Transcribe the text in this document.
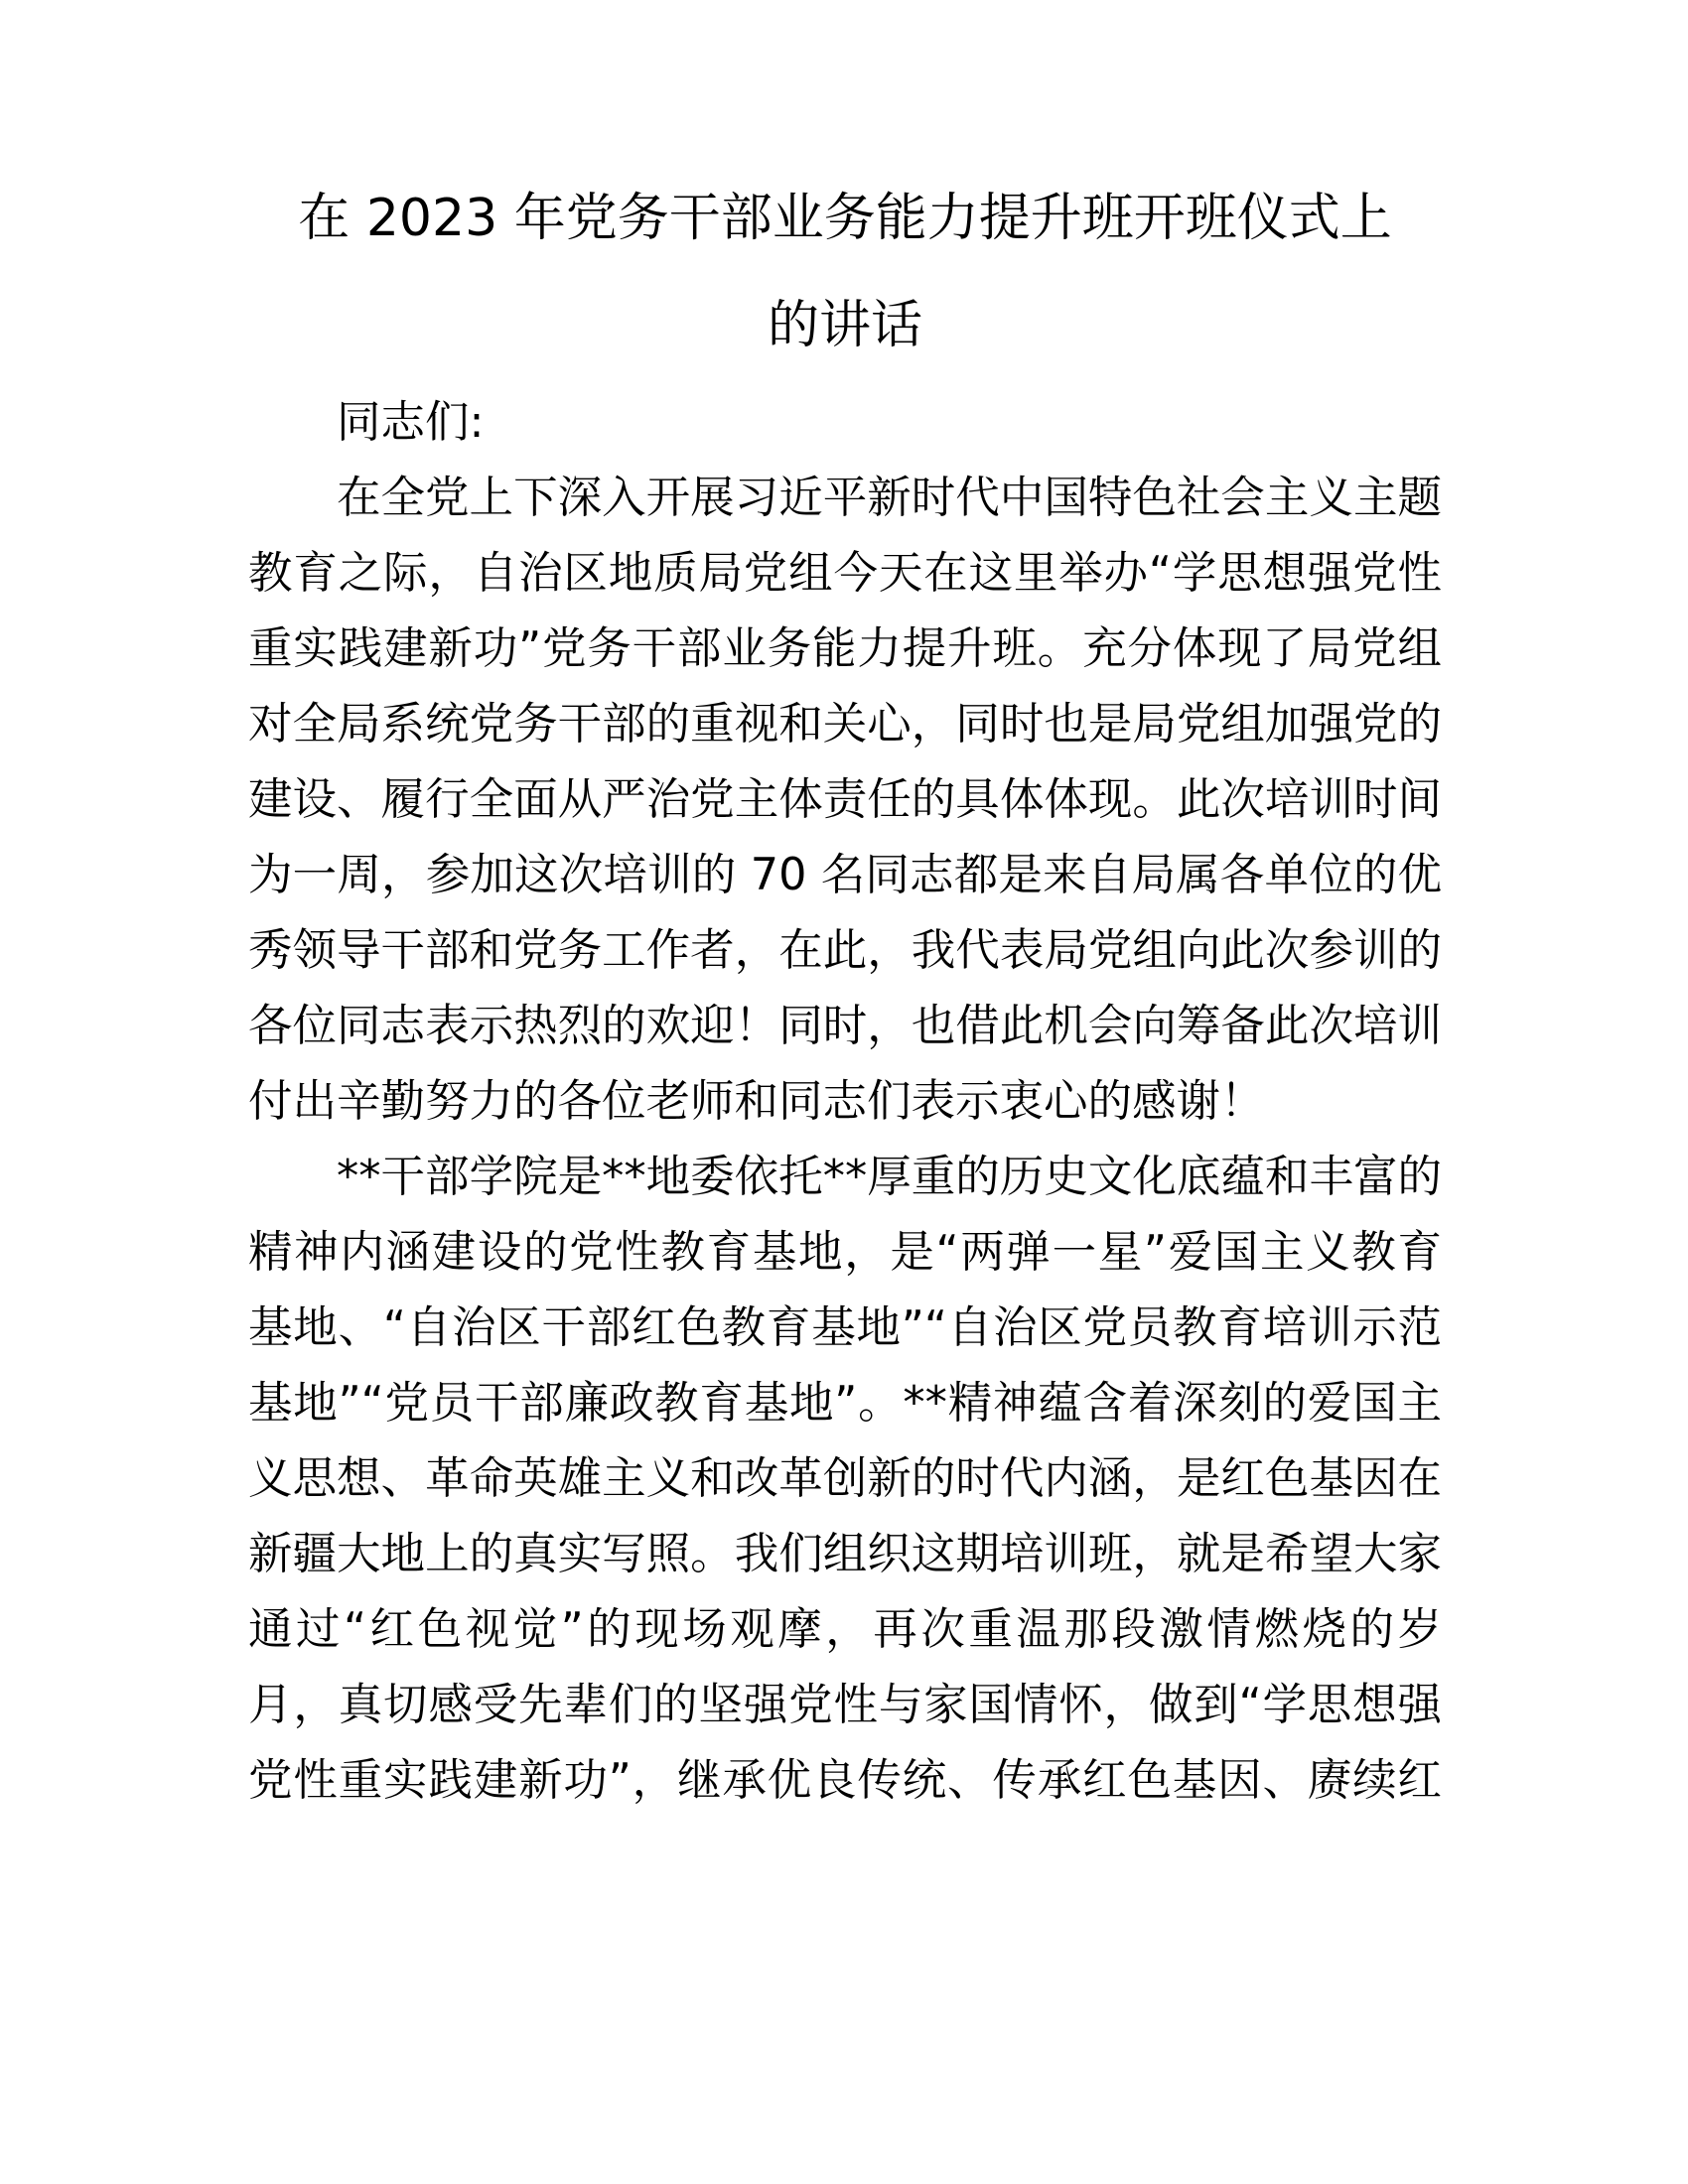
在 2023 年党务干部业务能力提升班开班仪式上
的讲话
同志们:
在全党上下深入开展习近平新时代中国特色社会主义主题
教育之际，自治区地质局党组今天在这里举办“学思想强党性
重实践建新功”党务干部业务能力提升班。充分体现了局党组
对全局系统党务干部的重视和关心，同时也是局党组加强党的
建设、履行全面从严治党主体责任的具体体现。此次培训时间
为一周，参加这次培训的 70 名同志都是来自局属各单位的优
秀领导干部和党务工作者，在此，我代表局党组向此次参训的
各位同志表示热烈的欢迎！同时，也借此机会向筹备此次培训
付出辛勤努力的各位老师和同志们表示衷心的感谢！
**干部学院是**地委依托**厚重的历史文化底蕴和丰富的
精神内涵建设的党性教育基地，是“两弹一星”爱国主义教育
基地、“自治区干部红色教育基地”“自治区党员教育培训示范
基地”“党员干部廉政教育基地”。**精神蕴含着深刻的爱国主
义思想、革命英雄主义和改革创新的时代内涵，是红色基因在
新疆大地上的真实写照。我们组织这期培训班，就是希望大家
通过“红色视觉”的现场观摩，再次重温那段激情燃烧的岁
月，真切感受先辈们的坚强党性与家国情怀，做到“学思想强
党性重实践建新功”，继承优良传统、传承红色基因、赓续红
